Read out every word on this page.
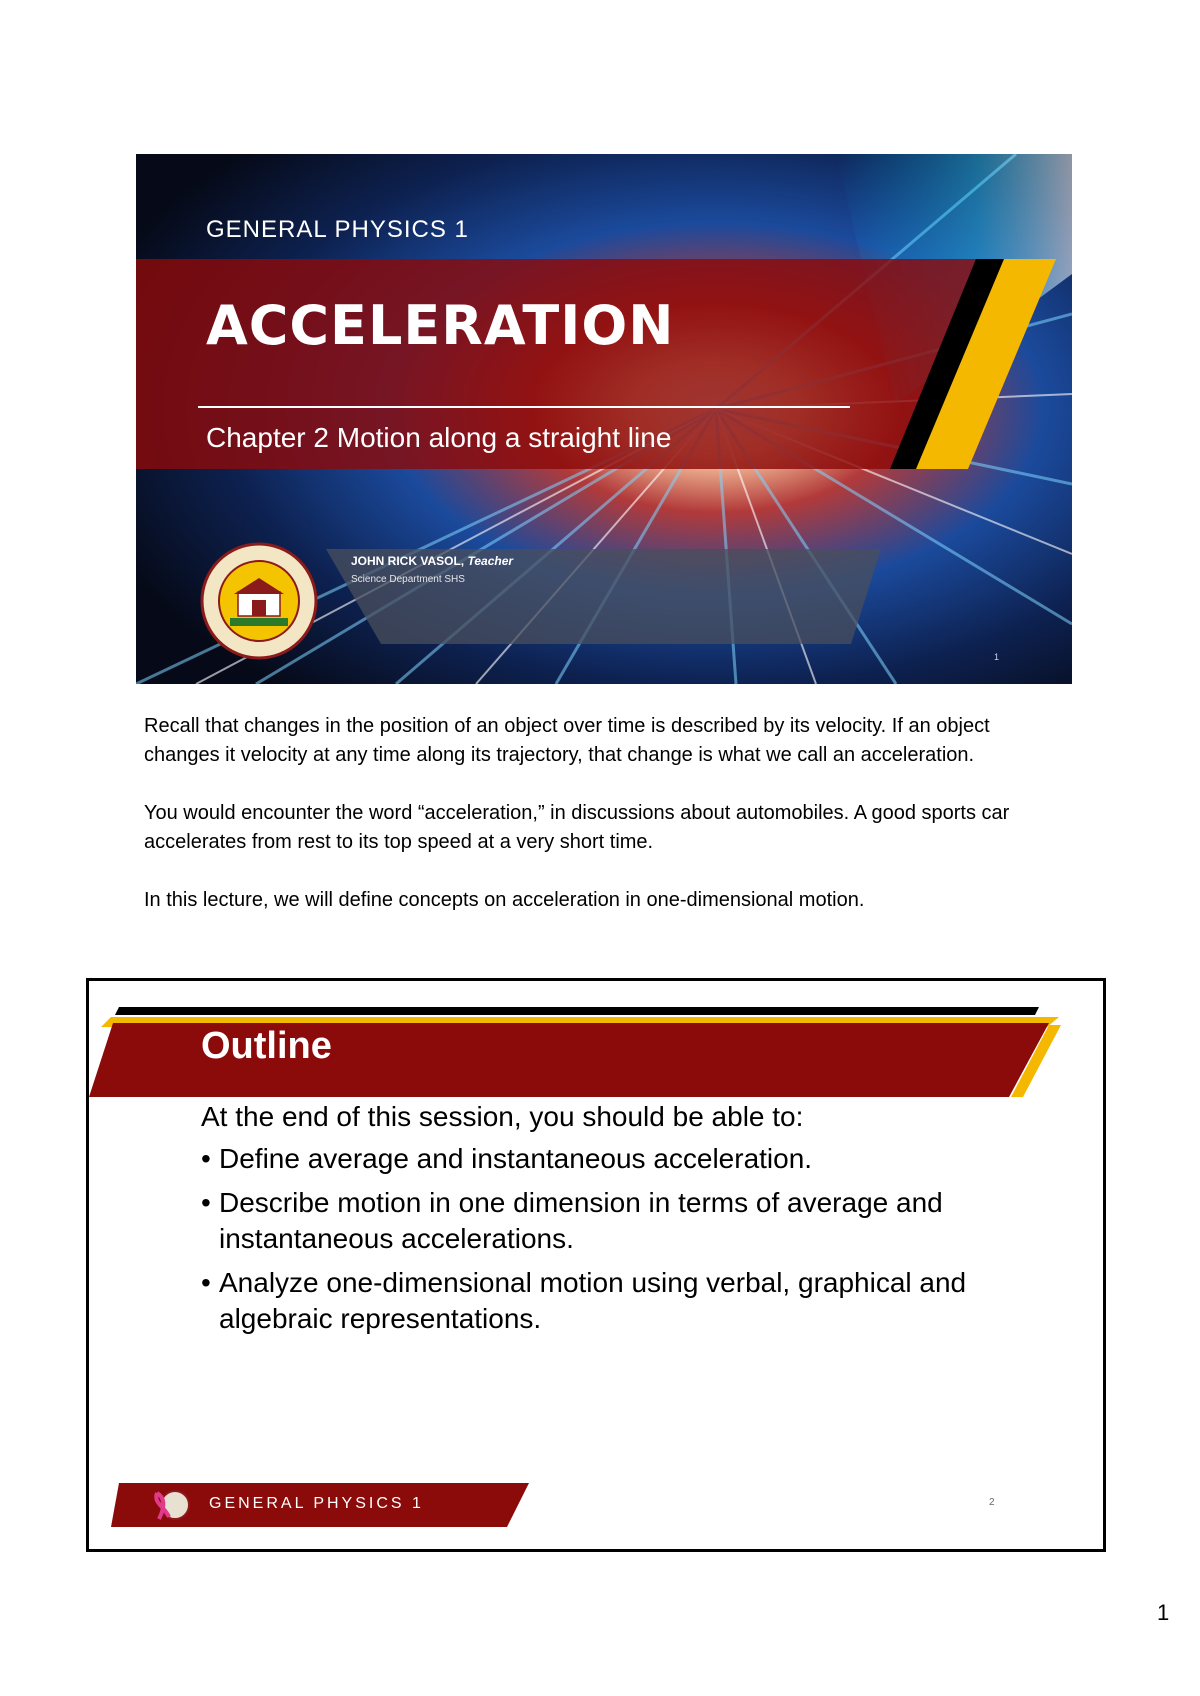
GENERAL PHYSICS 1
ACCELERATION
Chapter 2 Motion along a straight line
JOHN RICK VASOL, Teacher
Science Department SHS
1

Recall that changes in the position of an object over time is described by its velocity. If an object changes it velocity at any time along its trajectory, that change is what we call an acceleration.

You would encounter the word “acceleration,” in discussions about automobiles. A good sports car accelerates from rest to its top speed at a very short time.

In this lecture, we will define concepts on acceleration in one-dimensional motion.

Outline
At the end of this session, you should be able to:
• Define average and instantaneous acceleration.
• Describe motion in one dimension in terms of average and instantaneous accelerations.
• Analyze one-dimensional motion using verbal, graphical and algebraic representations.
GENERAL PHYSICS 1	2
1
